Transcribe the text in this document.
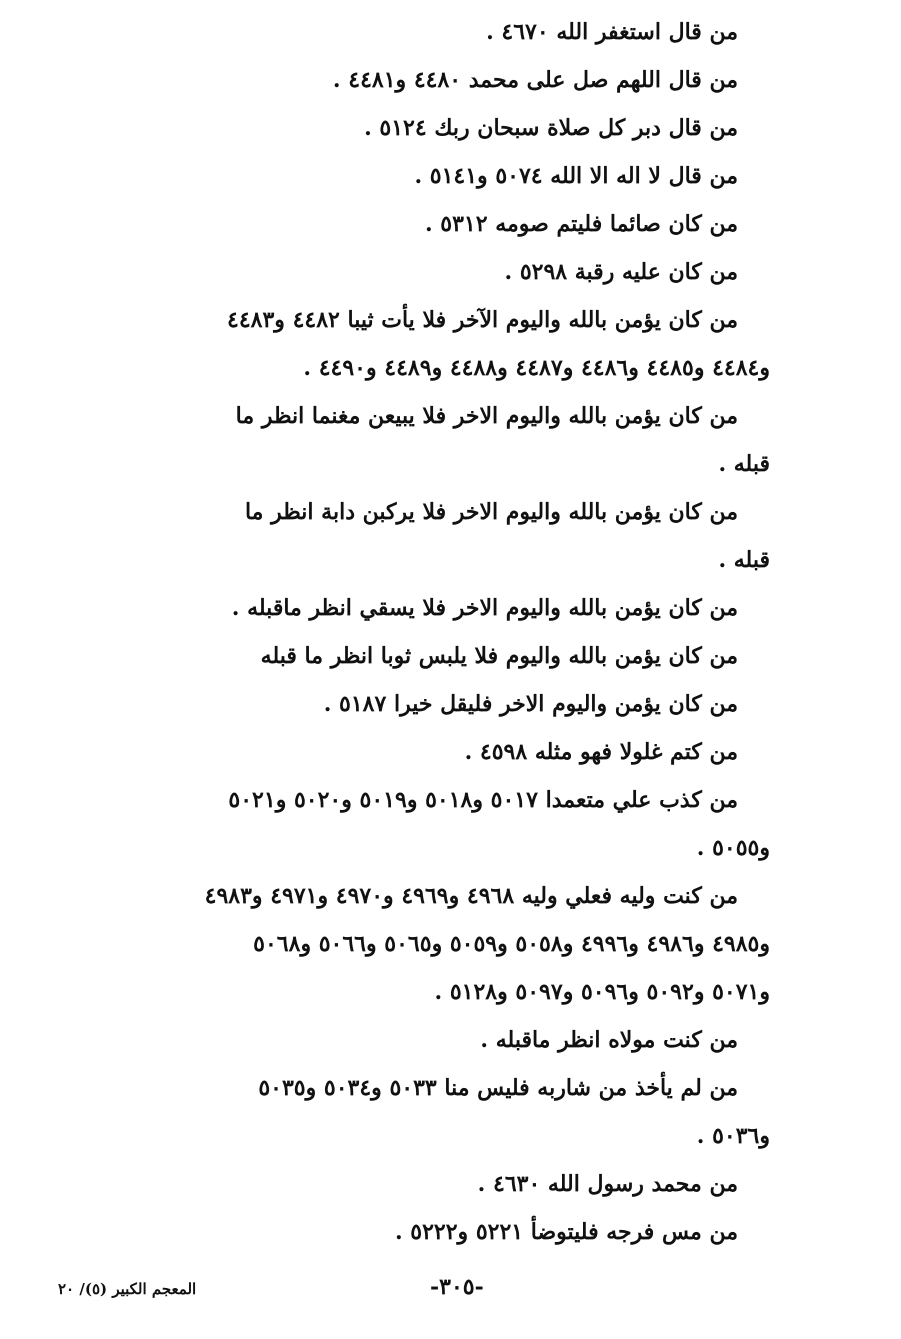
من قال استغفر الله ٤٦٧٠ .
من قال اللهم صل على محمد ٤٤٨٠ و٤٤٨١ .
من قال دبر كل صلاة سبحان ربك ٥١٢٤ .
من قال لا اله الا الله ٥٠٧٤ و٥١٤١ .
من كان صائما فليتم صومه ٥٣١٢ .
من كان عليه رقبة ٥٢٩٨ .
من كان يؤمن بالله واليوم الآخر فلا يأت ثيبا ٤٤٨٢ و٤٤٨٣
و٤٤٨٤ و٤٤٨٥ و٤٤٨٦ و٤٤٨٧ و٤٤٨٨ و٤٤٨٩ و٤٤٩٠ .
من كان يؤمن بالله واليوم الاخر فلا يبيعن مغنما انظر ما
قبله .
من كان يؤمن بالله واليوم الاخر فلا يركبن دابة انظر ما
قبله .
من كان يؤمن بالله واليوم الاخر فلا يسقي انظر ماقبله .
من كان يؤمن بالله واليوم فلا يلبس ثوبا انظر ما قبله
من كان يؤمن واليوم الاخر فليقل خيرا ٥١٨٧ .
من كتم غلولا فهو مثله ٤٥٩٨ .
من كذب علي متعمدا ٥٠١٧ و٥٠١٨ و٥٠١٩ و٥٠٢٠ و٥٠٢١
و٥٠٥٥ .
من كنت وليه فعلي وليه ٤٩٦٨ و٤٩٦٩ و٤٩٧٠ و٤٩٧١ و٤٩٨٣
و٤٩٨٥ و٤٩٨٦ و٤٩٩٦ و٥٠٥٨ و٥٠٥٩ و٥٠٦٥ و٥٠٦٦ و٥٠٦٨
و٥٠٧١ و٥٠٩٢ و٥٠٩٦ و٥٠٩٧ و٥١٢٨ .
من كنت مولاه انظر ماقبله .
من لم يأخذ من شاربه فليس منا ٥٠٣٣ و٥٠٣٤ و٥٠٣٥
و٥٠٣٦ .
من محمد رسول الله ٤٦٣٠ .
من مس فرجه فليتوضأ ٥٢٢١ و٥٢٢٢ .
المعجم الكبير (٥)/ ٢٠	-٣٠٥-
